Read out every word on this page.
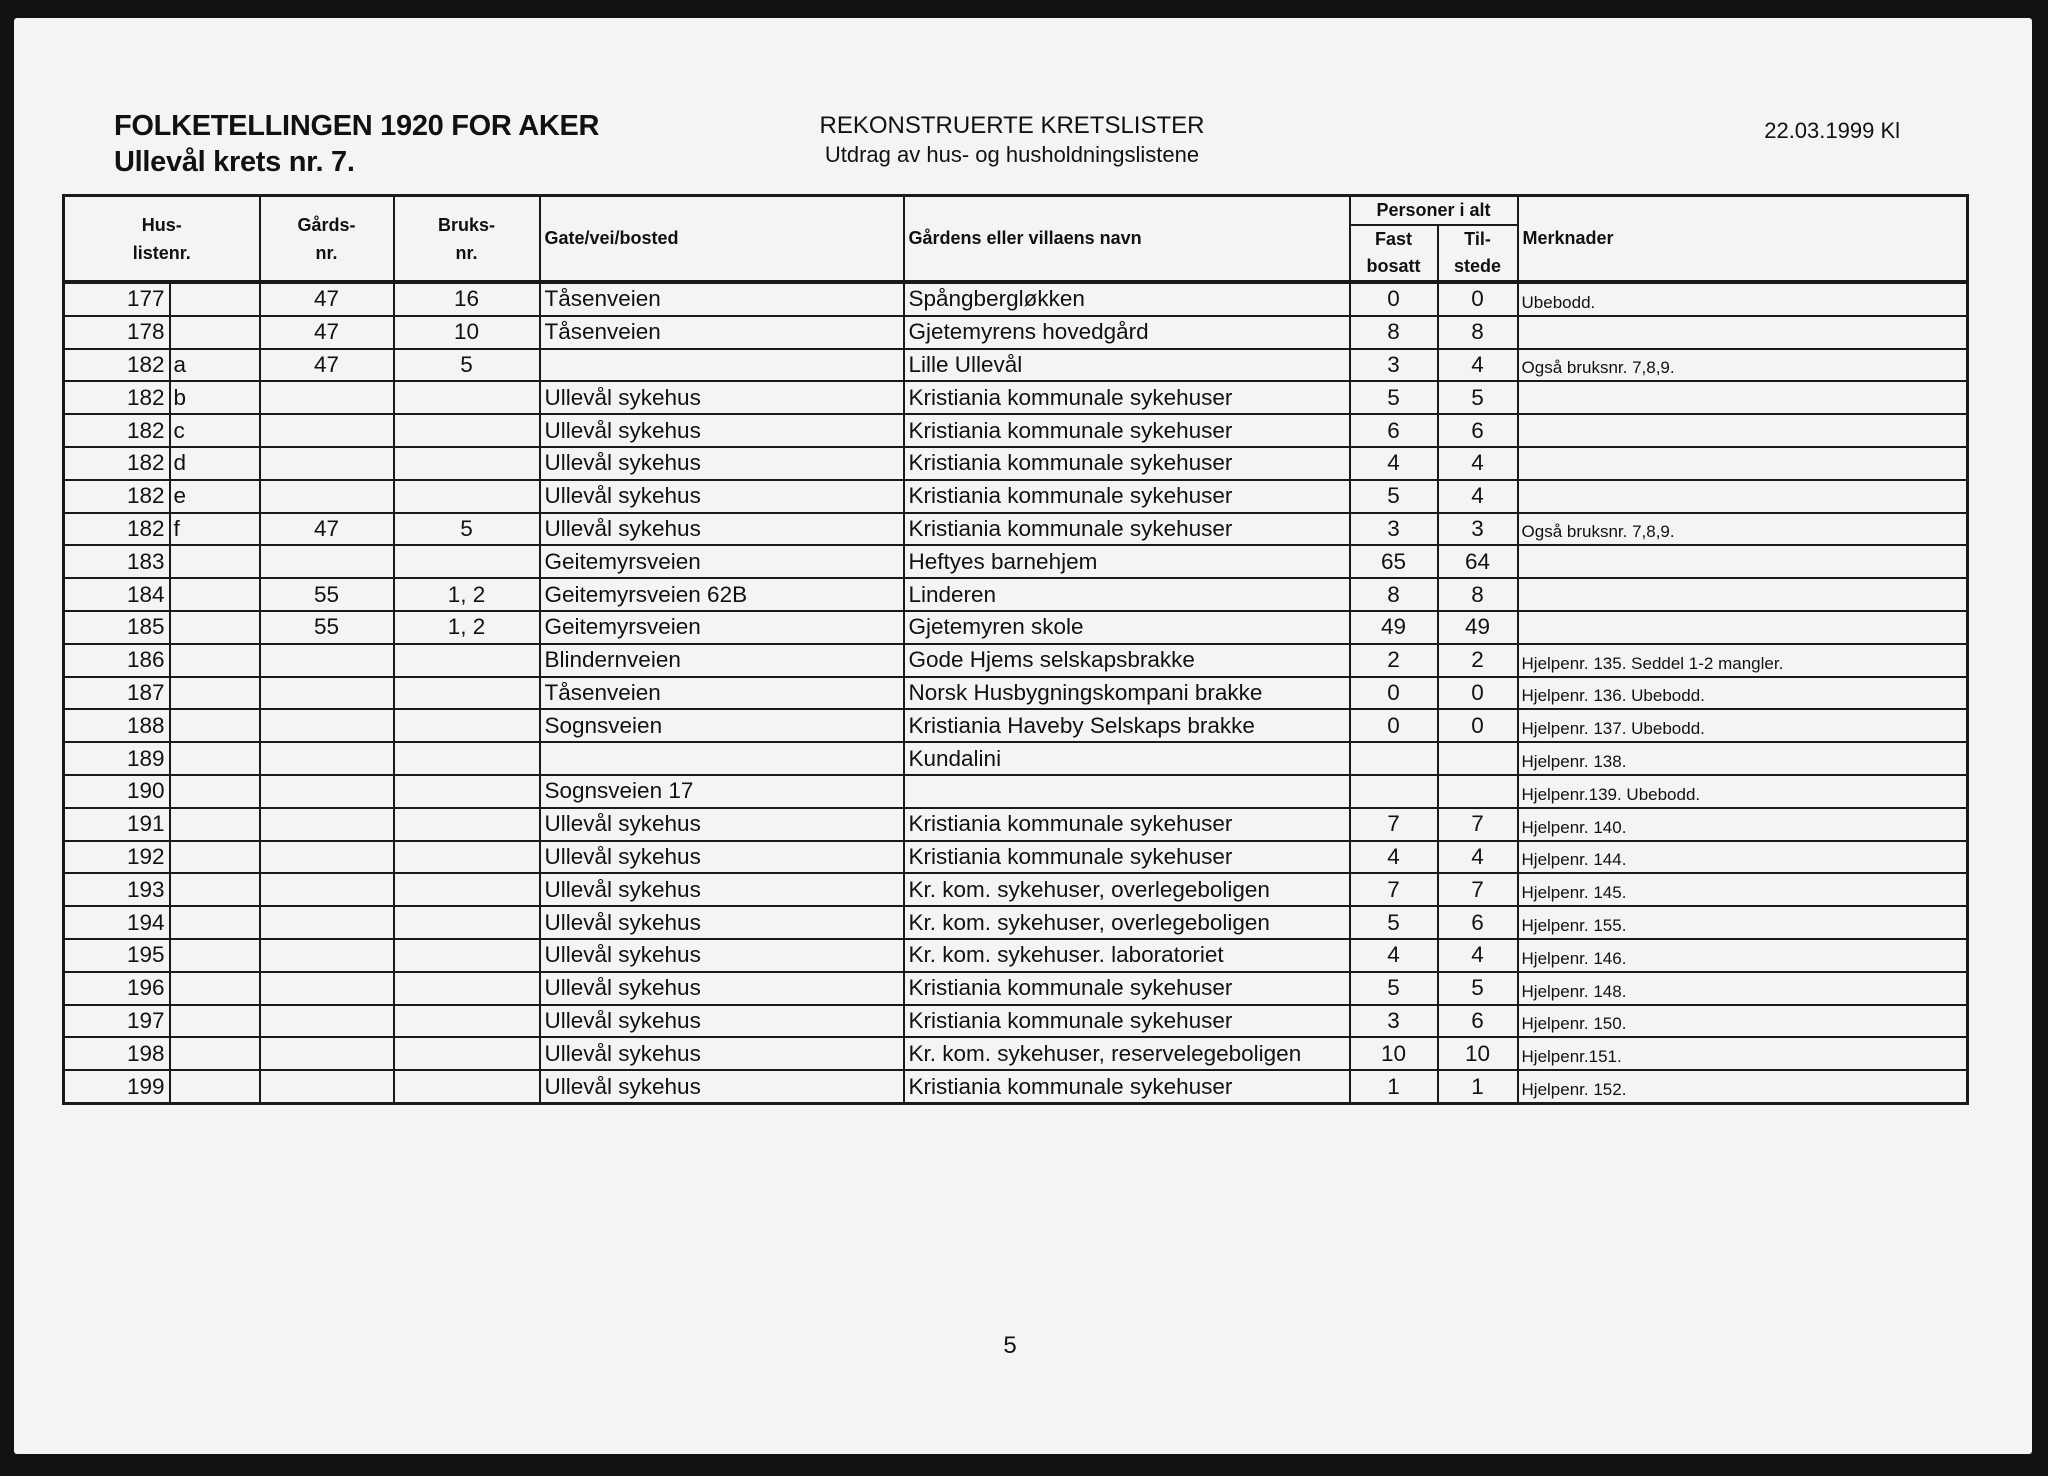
FOLKETELLINGEN 1920 FOR AKER
Ullevål krets nr. 7.
REKONSTRUERTE KRETSLISTER
Utdrag av hus- og husholdningslistene
22.03.1999 Kl
Hus- listenr.		Gårds- nr.	Bruks- nr.	Gate/vei/bosted	Gårdens eller villaens navn	Personer i alt		Merknader
						Fast bosatt	Til- stede	
177		47	16	Tåsenveien	Spångbergløkken	0	0	Ubebodd.
178		47	10	Tåsenveien	Gjetemyrens hovedgård	8	8	
182	a	47	5		Lille Ullevål	3	4	Også bruksnr. 7,8,9.
182	b			Ullevål sykehus	Kristiania kommunale sykehuser	5	5	
182	c			Ullevål sykehus	Kristiania kommunale sykehuser	6	6	
182	d			Ullevål sykehus	Kristiania kommunale sykehuser	4	4	
182	e			Ullevål sykehus	Kristiania kommunale sykehuser	5	4	
182	f	47	5	Ullevål sykehus	Kristiania kommunale sykehuser	3	3	Også bruksnr. 7,8,9.
183				Geitemyrsveien	Heftyes barnehjem	65	64	
184		55	1, 2	Geitemyrsveien 62B	Linderen	8	8	
185		55	1, 2	Geitemyrsveien	Gjetemyren skole	49	49	
186				Blindernveien	Gode Hjems selskapsbrakke	2	2	Hjelpenr. 135. Seddel 1-2 mangler.
187				Tåsenveien	Norsk Husbygningskompani brakke	0	0	Hjelpenr. 136. Ubebodd.
188				Sognsveien	Kristiania Haveby Selskaps brakke	0	0	Hjelpenr. 137. Ubebodd.
189					Kundalini			Hjelpenr. 138.
190				Sognsveien 17				Hjelpenr.139. Ubebodd.
191				Ullevål sykehus	Kristiania kommunale sykehuser	7	7	Hjelpenr. 140.
192				Ullevål sykehus	Kristiania kommunale sykehuser	4	4	Hjelpenr. 144.
193				Ullevål sykehus	Kr. kom. sykehuser, overlegeboligen	7	7	Hjelpenr. 145.
194				Ullevål sykehus	Kr. kom. sykehuser, overlegeboligen	5	6	Hjelpenr. 155.
195				Ullevål sykehus	Kr. kom. sykehuser. laboratoriet	4	4	Hjelpenr. 146.
196				Ullevål sykehus	Kristiania kommunale sykehuser	5	5	Hjelpenr. 148.
197				Ullevål sykehus	Kristiania kommunale sykehuser	3	6	Hjelpenr. 150.
198				Ullevål sykehus	Kr. kom. sykehuser, reservelegeboligen	10	10	Hjelpenr.151.
199				Ullevål sykehus	Kristiania kommunale sykehuser	1	1	Hjelpenr. 152.
5
